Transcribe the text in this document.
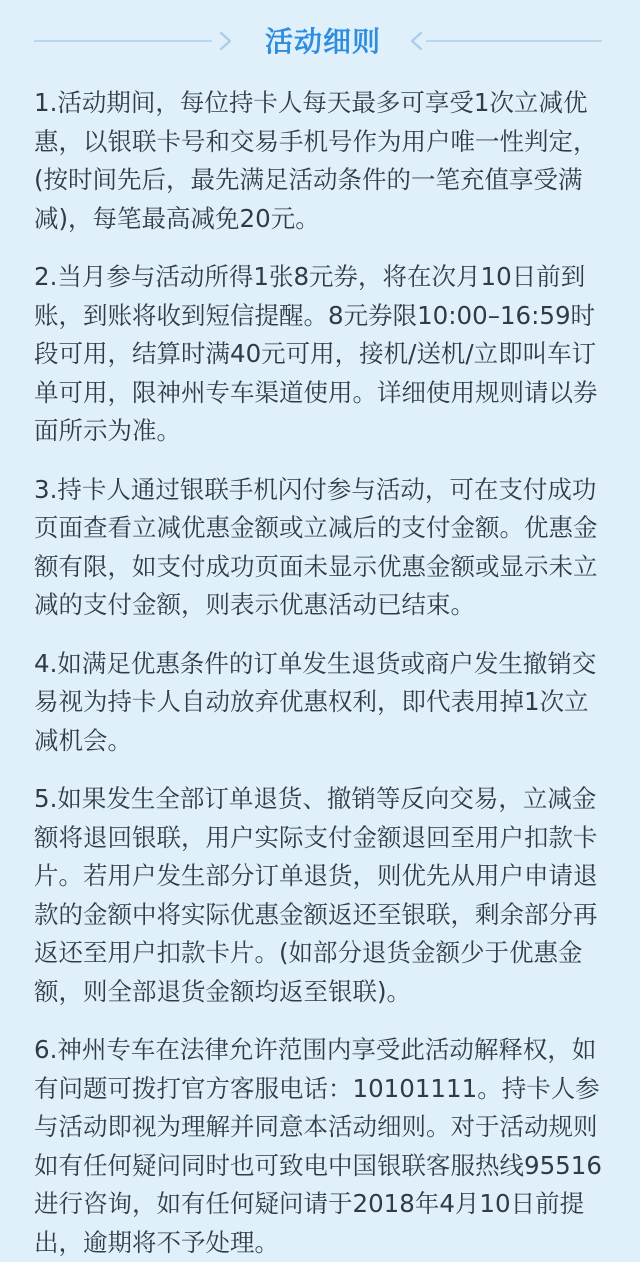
活动细则
1.活动期间，每位持卡人每天最多可享受1次立减优惠，以银联卡号和交易手机号作为用户唯一性判定，(按时间先后，最先满足活动条件的一笔充值享受满减)，每笔最高减免20元。
2.当月参与活动所得1张8元券，将在次月10日前到账，到账将收到短信提醒。8元券限10:00–16:59时段可用，结算时满40元可用，接机/送机/立即叫车订单可用，限神州专车渠道使用。详细使用规则请以券面所示为准。
3.持卡人通过银联手机闪付参与活动，可在支付成功页面查看立减优惠金额或立减后的支付金额。优惠金额有限，如支付成功页面未显示优惠金额或显示未立减的支付金额，则表示优惠活动已结束。
4.如满足优惠条件的订单发生退货或商户发生撤销交易视为持卡人自动放弃优惠权利，即代表用掉1次立减机会。
5.如果发生全部订单退货、撤销等反向交易，立减金额将退回银联，用户实际支付金额退回至用户扣款卡片。若用户发生部分订单退货，则优先从用户申请退款的金额中将实际优惠金额返还至银联，剩余部分再返还至用户扣款卡片。(如部分退货金额少于优惠金额，则全部退货金额均返至银联)。
6.神州专车在法律允许范围内享受此活动解释权，如有问题可拨打官方客服电话：10101111。持卡人参与活动即视为理解并同意本活动细则。对于活动规则如有任何疑问同时也可致电中国银联客服热线95516进行咨询，如有任何疑问请于2018年4月10日前提出，逾期将不予处理。
